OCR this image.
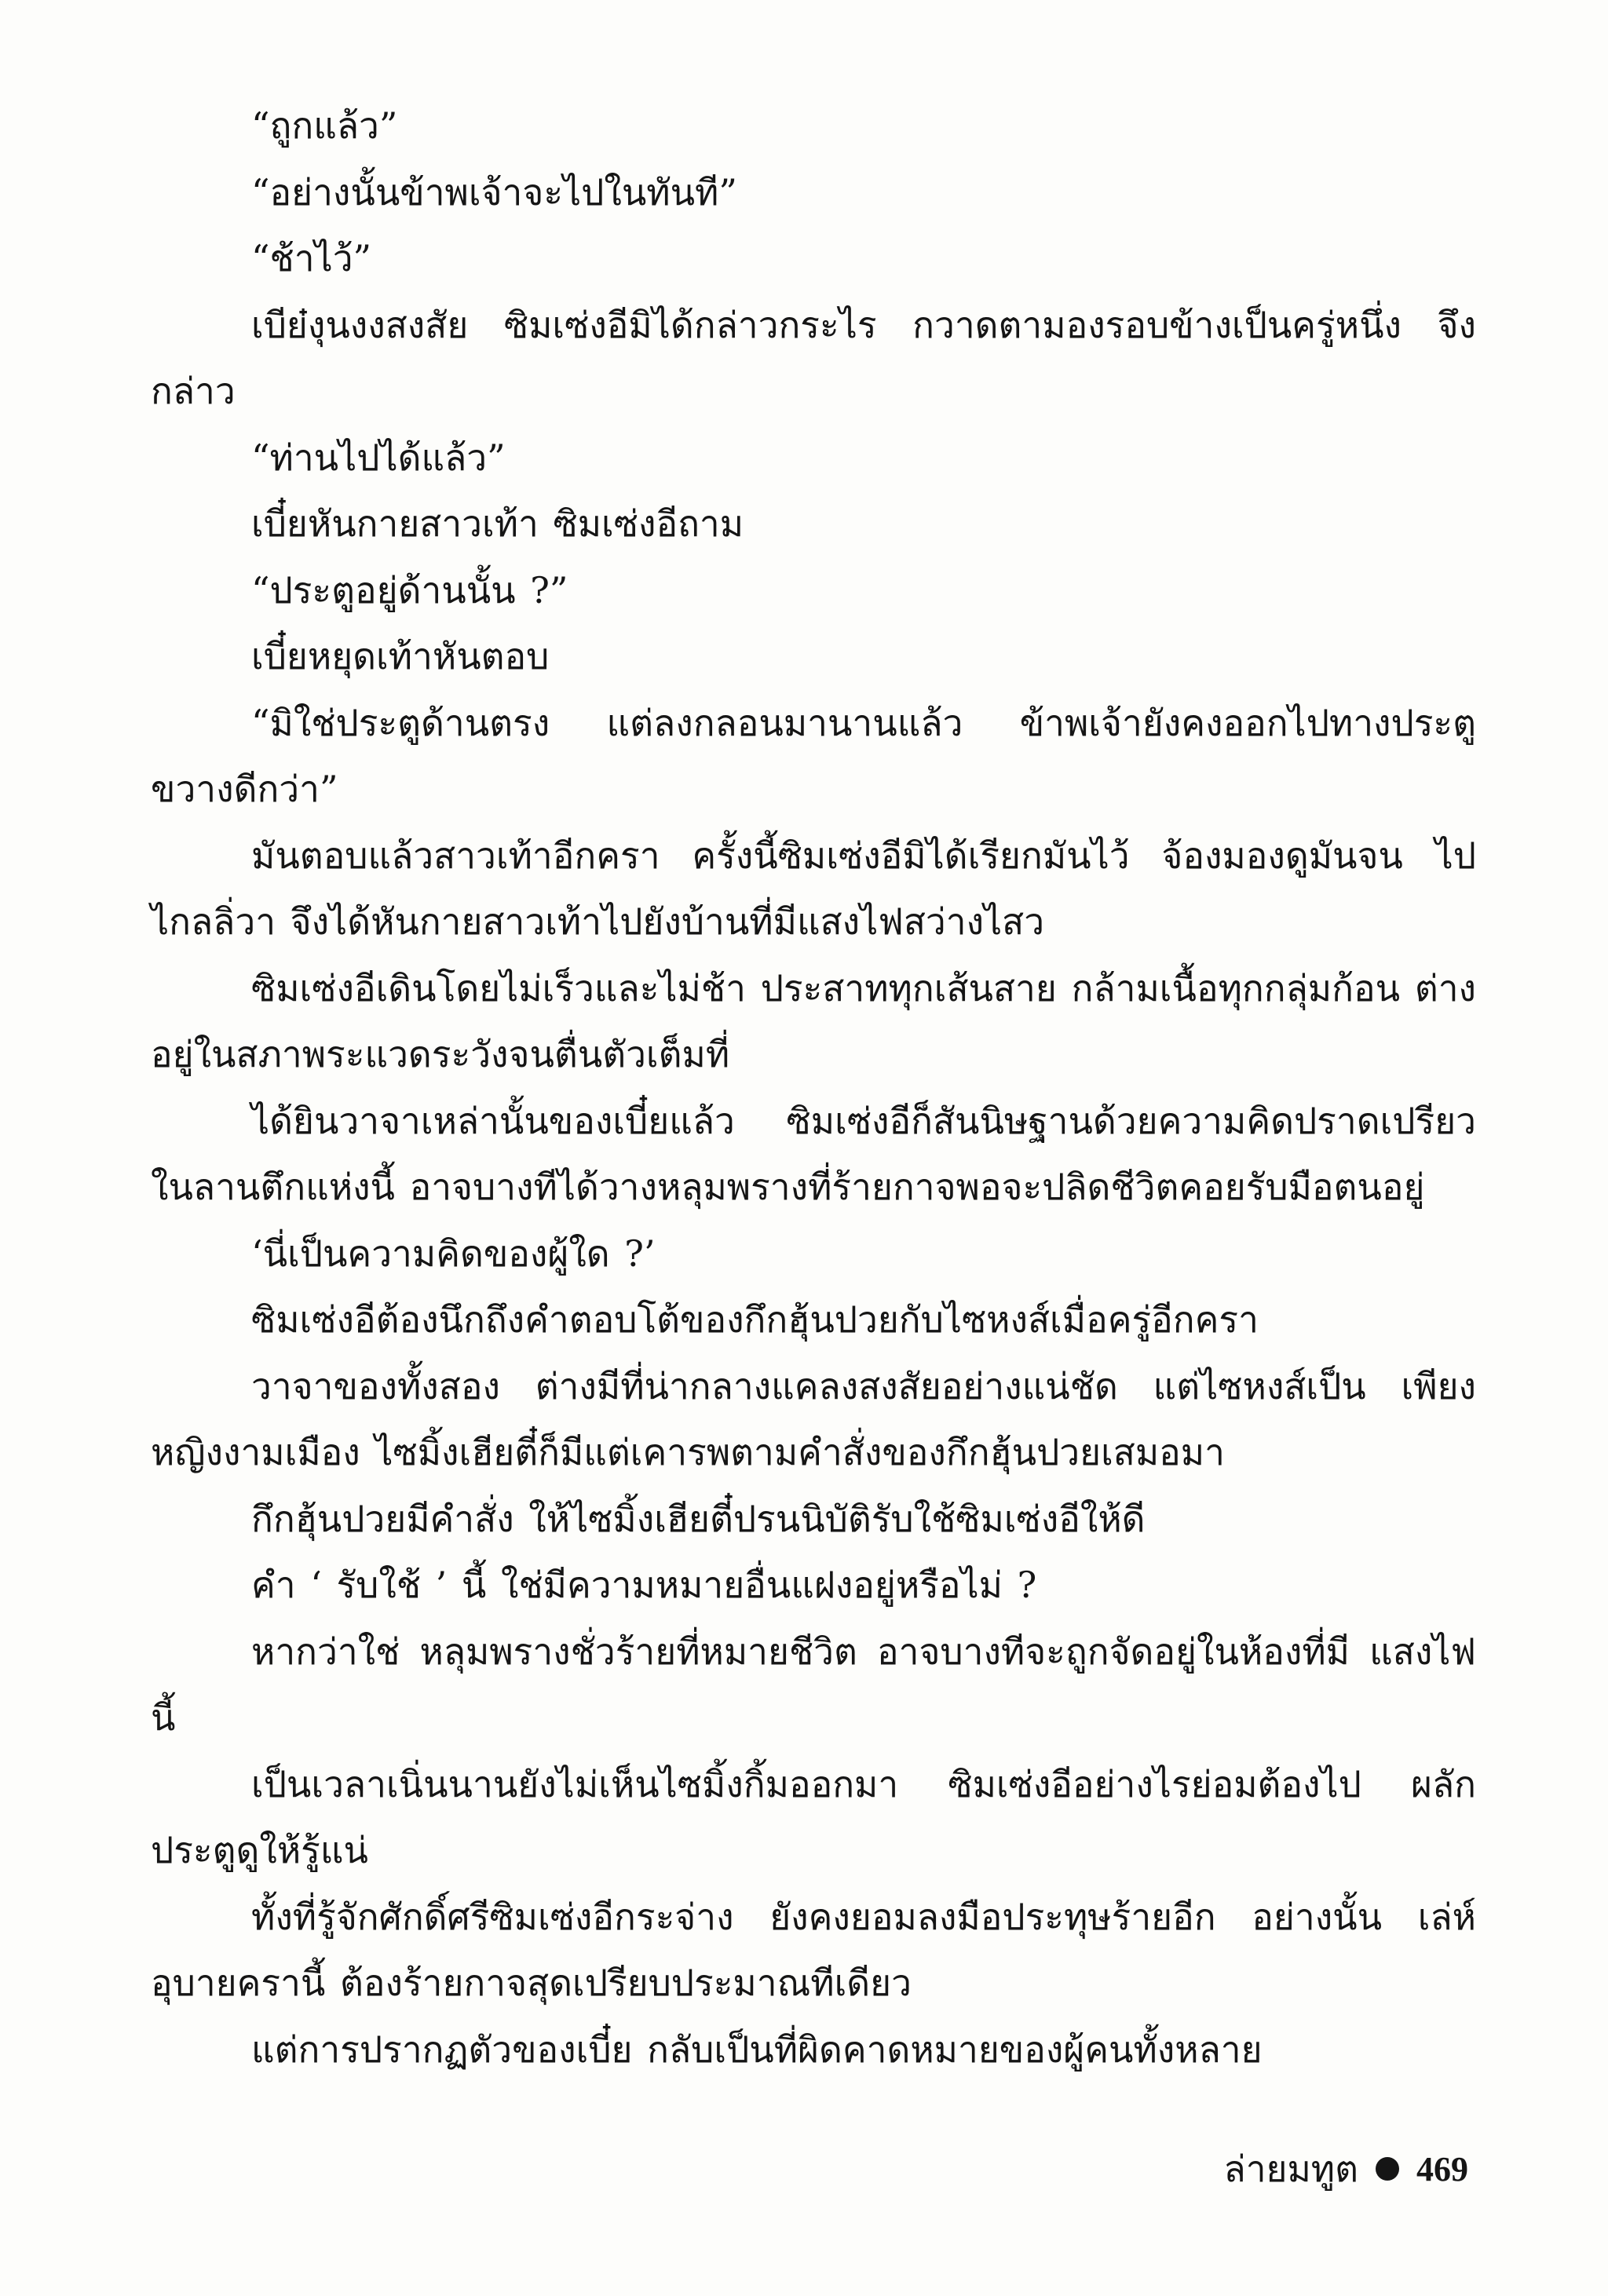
“ถูกแล้ว”

“อย่างนั้นข้าพเจ้าจะไปในทันที”

“ช้าไว้”

เบีย๋งุนงงสงสัย ซิมเซ่งอีมิได้กล่าวกระไร กวาดตามองรอบข้างเป็นครู่หนึ่ง จึงกล่าว

“ท่านไปได้แล้ว”

เบี๋ยหันกายสาวเท้า ซิมเซ่งอีถาม

“ประตูอยู่ด้านนั้น ?”

เบี๋ยหยุดเท้าหันตอบ

“มิใช่ประตูด้านตรง แต่ลงกลอนมานานแล้ว ข้าพเจ้ายังคงออกไปทางประตู ขวางดีกว่า”

มันตอบแล้วสาวเท้าอีกครา ครั้งนี้ซิมเซ่งอีมิได้เรียกมันไว้ จ้องมองดูมันจน ไปไกลลิ่วา จึงได้หันกายสาวเท้าไปยังบ้านที่มีแสงไฟสว่างไสว

ซิมเซ่งอีเดินโดยไม่เร็วและไม่ช้า ประสาททุกเส้นสาย กล้ามเนื้อทุกกลุ่มก้อน ต่างอยู่ในสภาพระแวดระวังจนตื่นตัวเต็มที่

ได้ยินวาจาเหล่านั้นของเบี๋ยแล้ว ซิมเซ่งอีก็สันนิษฐานด้วยความคิดปราดเปรียว ในลานตึกแห่งนี้ อาจบางทีได้วางหลุมพรางที่ร้ายกาจพอจะปลิดชีวิตคอยรับมือตนอยู่

‘นี่เป็นความคิดของผู้ใด ?’

ซิมเซ่งอีต้องนึกถึงคำตอบโต้ของกึกฮุ้นปวยกับไซหงส์เมื่อครู่อีกครา

วาจาของทั้งสอง ต่างมีที่น่ากลางแคลงสงสัยอย่างแน่ชัด แต่ไซหงส์เป็น เพียงหญิงงามเมือง ไซมิ้งเฮียตี๋ก็มีแต่เคารพตามคำสั่งของกึกฮุ้นปวยเสมอมา

กึกฮุ้นปวยมีคำสั่ง ให้ไซมิ้งเฮียตี๋ปรนนิบัติรับใช้ซิมเซ่งอีให้ดี

คำ ‘ รับใช้ ’ นี้ ใช่มีความหมายอื่นแฝงอยู่หรือไม่ ?

หากว่าใช่ หลุมพรางชั่วร้ายที่หมายชีวิต อาจบางทีจะถูกจัดอยู่ในห้องที่มี แสงไฟนี้

เป็นเวลาเนิ่นนานยังไม่เห็นไซมิ้งกิ้มออกมา ซิมเซ่งอีอย่างไรย่อมต้องไป ผลักประตูดูให้รู้แน่

ทั้งที่รู้จักศักดิ์ศรีซิมเซ่งอีกระจ่าง ยังคงยอมลงมือประทุษร้ายอีก อย่างนั้น เล่ห์อุบายครานี้ ต้องร้ายกาจสุดเปรียบประมาณทีเดียว

แต่การปรากฏตัวของเบี๋ย กลับเป็นที่ผิดคาดหมายของผู้คนทั้งหลาย

ล่ายมทูต 469
